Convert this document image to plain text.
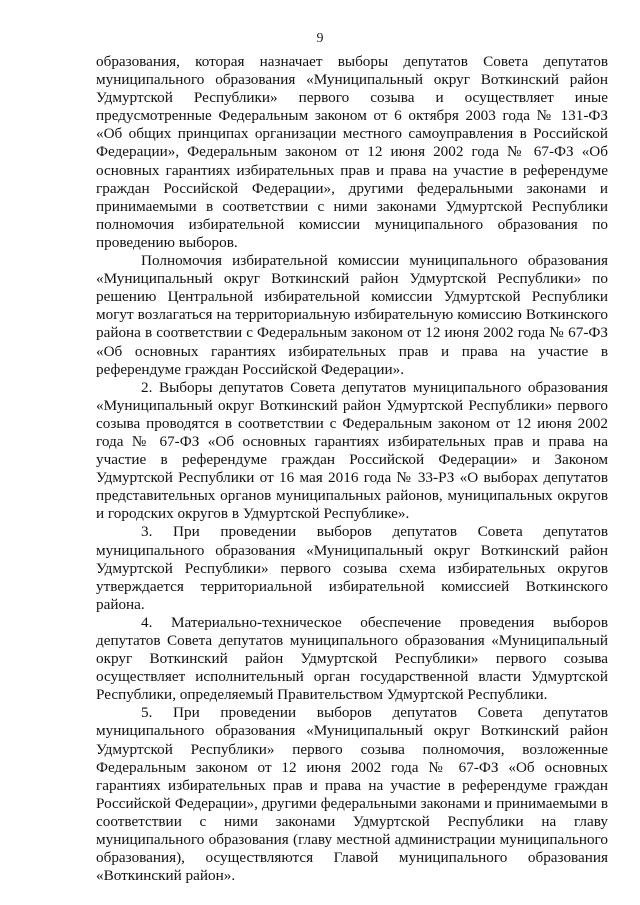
9

образования, которая назначает выборы депутатов Совета депутатов муниципального образования «Муниципальный округ Воткинский район Удмуртской Республики» первого созыва и осуществляет иные предусмотренные Федеральным законом от 6 октября 2003 года № 131-ФЗ «Об общих принципах организации местного самоуправления в Российской Федерации», Федеральным законом от 12 июня 2002 года № 67-ФЗ «Об основных гарантиях избирательных прав и права на участие в референдуме граждан Российской Федерации», другими федеральными законами и принимаемыми в соответствии с ними законами Удмуртской Республики полномочия избирательной комиссии муниципального образования по проведению выборов.

Полномочия избирательной комиссии муниципального образования «Муниципальный округ Воткинский район Удмуртской Республики» по решению Центральной избирательной комиссии Удмуртской Республики могут возлагаться на территориальную избирательную комиссию Воткинского района в соответствии с Федеральным законом от 12 июня 2002 года № 67-ФЗ «Об основных гарантиях избирательных прав и права на участие в референдуме граждан Российской Федерации».

2. Выборы депутатов Совета депутатов муниципального образования «Муниципальный округ Воткинский район Удмуртской Республики» первого созыва проводятся в соответствии с Федеральным законом от 12 июня 2002 года № 67-ФЗ «Об основных гарантиях избирательных прав и права на участие в референдуме граждан Российской Федерации» и Законом Удмуртской Республики от 16 мая 2016 года № 33-РЗ «О выборах депутатов представительных органов муниципальных районов, муниципальных округов и городских округов в Удмуртской Республике».

3. При проведении выборов депутатов Совета депутатов муниципального образования «Муниципальный округ Воткинский район Удмуртской Республики» первого созыва схема избирательных округов утверждается территориальной избирательной комиссией Воткинского района.

4. Материально-техническое обеспечение проведения выборов депутатов Совета депутатов муниципального образования «Муниципальный округ Воткинский район Удмуртской Республики» первого созыва осуществляет исполнительный орган государственной власти Удмуртской Республики, определяемый Правительством Удмуртской Республики.

5. При проведении выборов депутатов Совета депутатов муниципального образования «Муниципальный округ Воткинский район Удмуртской Республики» первого созыва полномочия, возложенные Федеральным законом от 12 июня 2002 года № 67-ФЗ «Об основных гарантиях избирательных прав и права на участие в референдуме граждан Российской Федерации», другими федеральными законами и принимаемыми в соответствии с ними законами Удмуртской Республики на главу муниципального образования (главу местной администрации муниципального образования), осуществляются Главой муниципального образования «Воткинский район».
